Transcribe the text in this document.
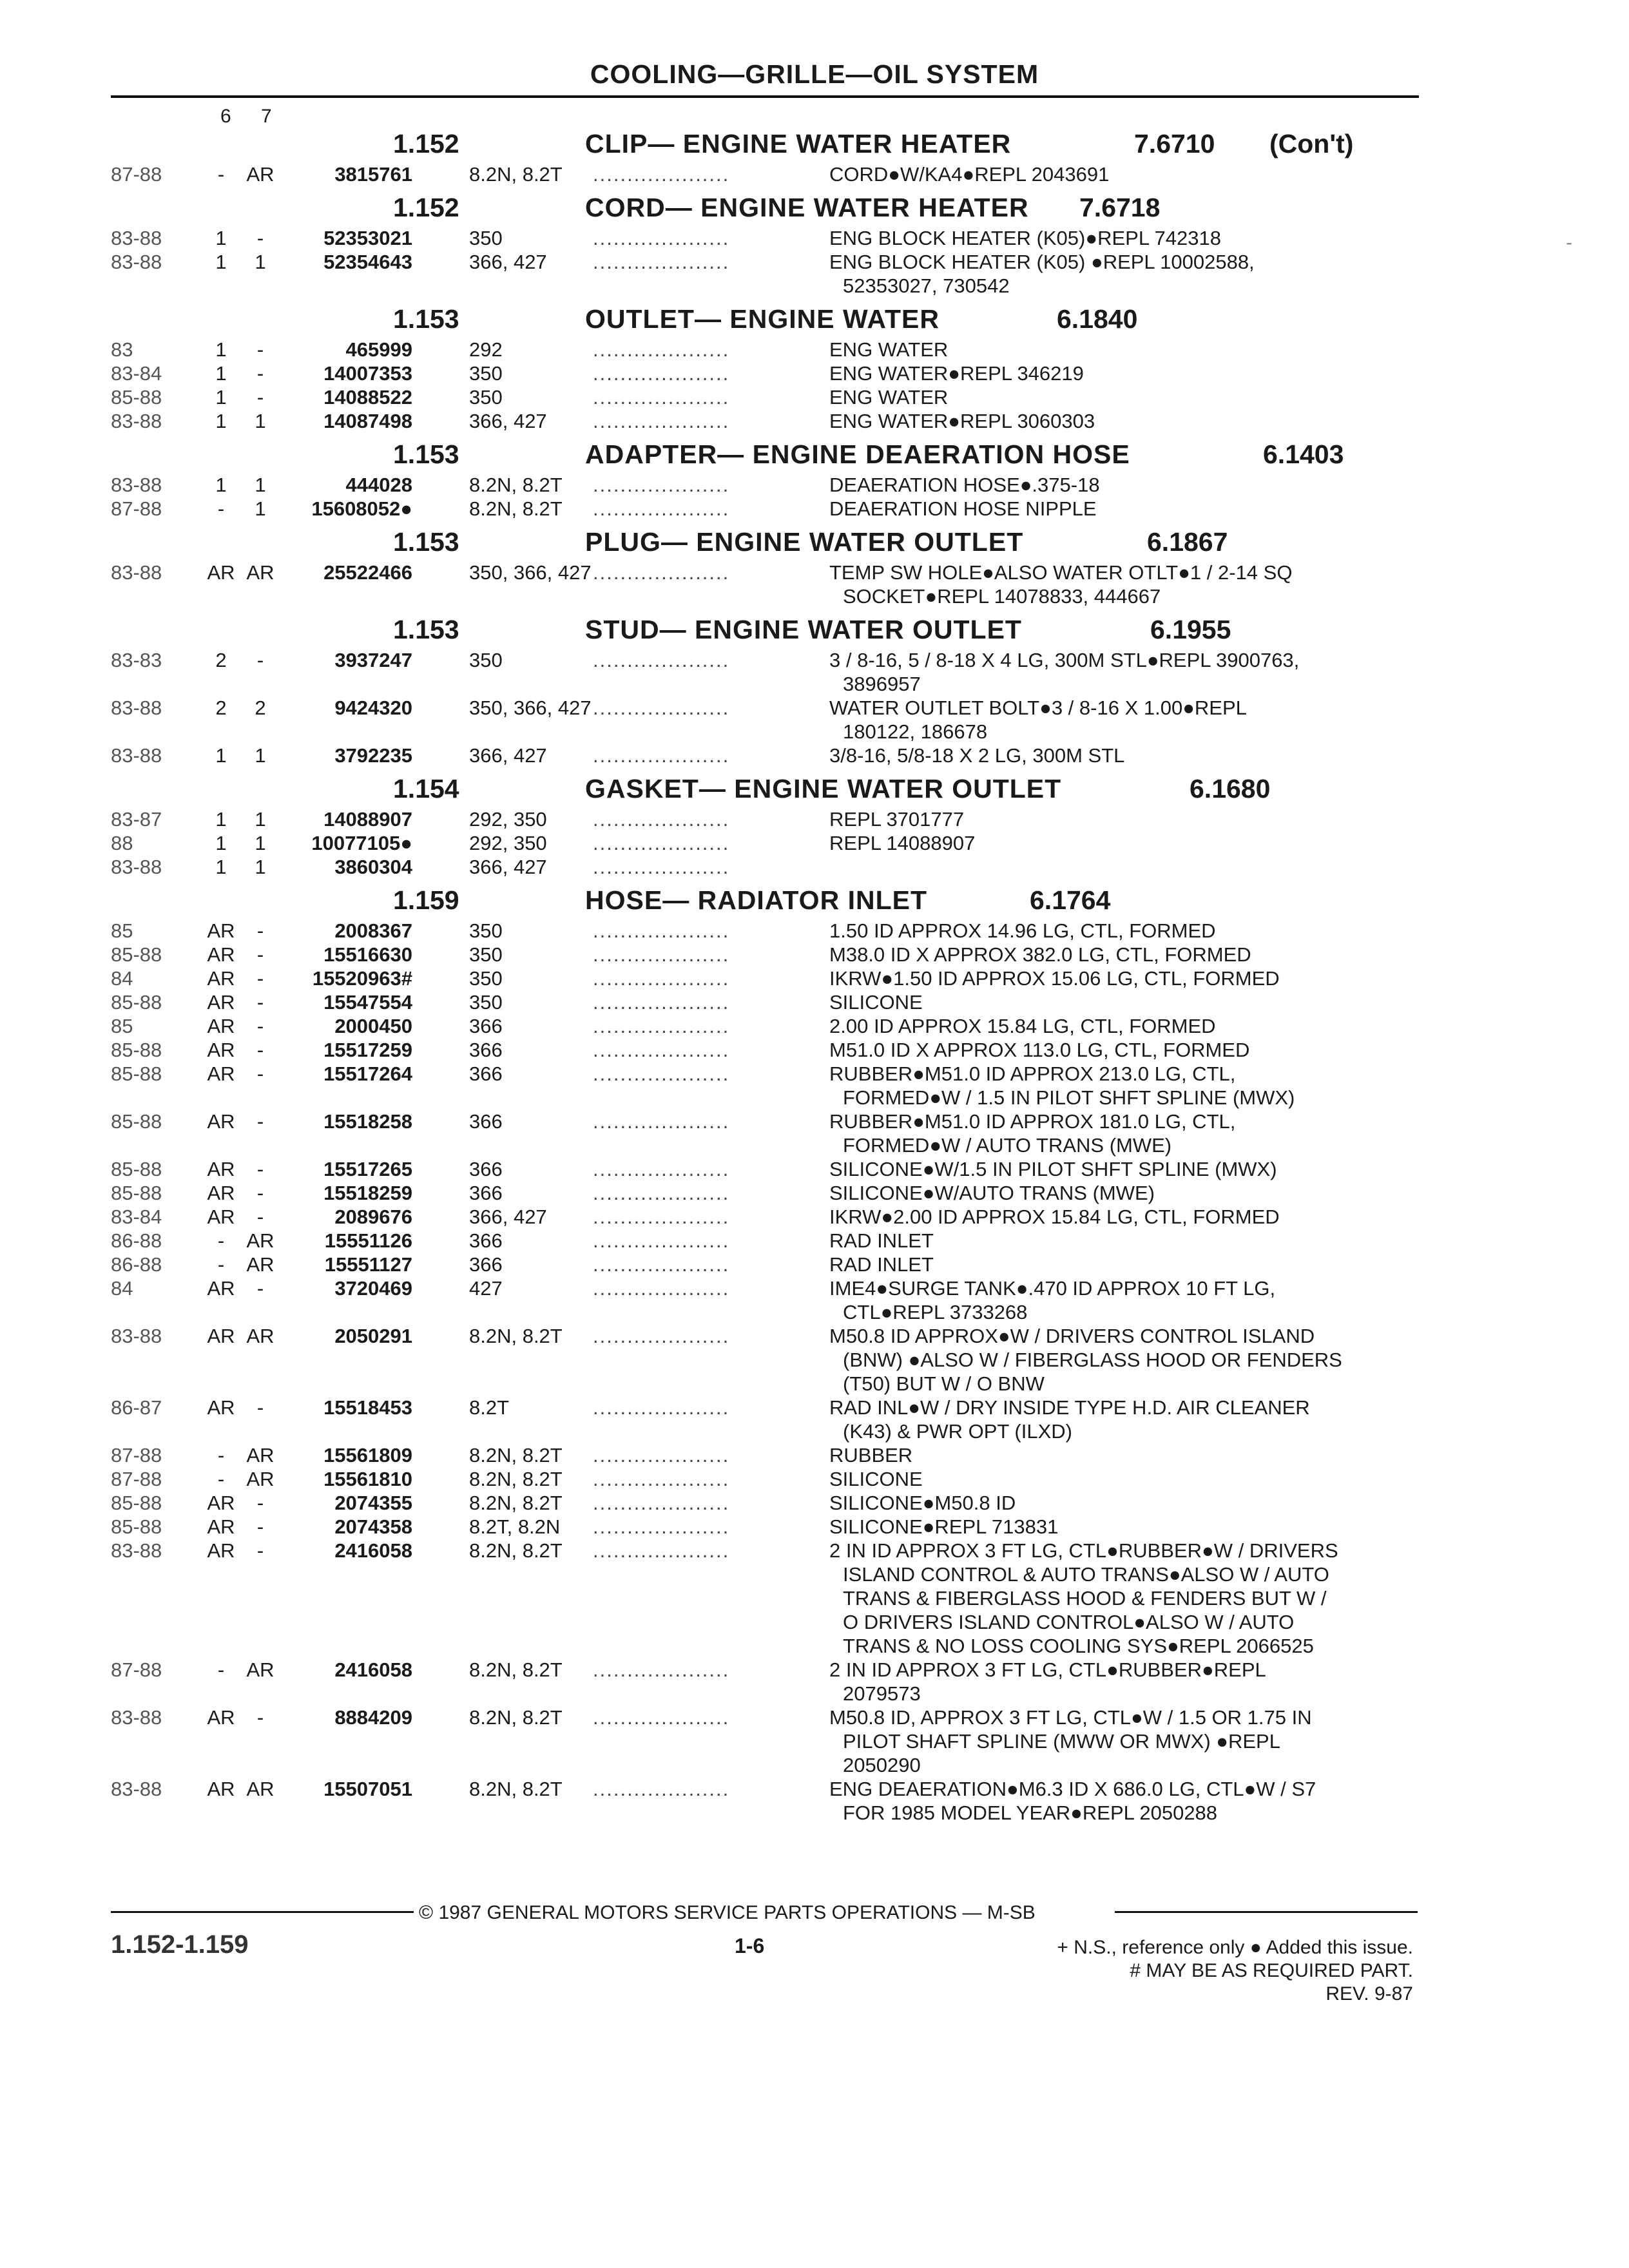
COOLING—GRILLE—OIL SYSTEM
6 7
-
1.152	CLIP— ENGINE WATER HEATER	7.6710 (Con't)
87-88	-	AR	3815761	8.2N, 8.2T ....................	CORD●W/KA4●REPL 2043691
1.152	CORD— ENGINE WATER HEATER 7.6718
83-88	1	-	52353021	350	....................	ENG BLOCK HEATER (K05)●REPL 742318
83-88	1	1	52354643	366, 427 ....................	ENG BLOCK HEATER (K05) ●REPL 10002588,
52353027, 730542
1.153	OUTLET— ENGINE WATER	6.1840
83	1	-	465999	292	....................	ENG WATER
83-84	1	-	14007353	350	....................	ENG WATER●REPL 346219
85-88	1	-	14088522	350	....................	ENG WATER
83-88	1	1	14087498	366, 427 ....................	ENG WATER●REPL 3060303
1.153	ADAPTER— ENGINE DEAERATION HOSE	6.1403
83-88	1	1	444028	8.2N, 8.2T ....................	DEAERATION HOSE●.375-18
87-88	-	1	15608052●	8.2N, 8.2T ....................	DEAERATION HOSE NIPPLE
1.153	PLUG— ENGINE WATER OUTLET	6.1867
83-88 AR AR	25522466	350, 366, 427 ....................	TEMP SW HOLE●ALSO WATER OTLT●1 / 2-14 SQ
SOCKET●REPL 14078833, 444667
1.153	STUD— ENGINE WATER OUTLET	6.1955
83-83	2	-	3937247	350	....................	3 / 8-16, 5 / 8-18 X 4 LG, 300M STL●REPL 3900763,
3896957
83-88	2	2	9424320	350, 366, 427 ....................	WATER OUTLET BOLT●3 / 8-16 X 1.00●REPL
180122, 186678
83-88	1	1	3792235	366, 427 ....................	3/8-16, 5/8-18 X 2 LG, 300M STL
1.154	GASKET— ENGINE WATER OUTLET	6.1680
83-87	1	1	14088907	292, 350 ....................	REPL 3701777
88	1	1	10077105●	292, 350 ....................	REPL 14088907
83-88	1	1	3860304	366, 427 ....................
1.159	HOSE— RADIATOR INLET	6.1764
85	AR	-	2008367	350	....................	1.50 ID APPROX 14.96 LG, CTL, FORMED
85-88 AR	-	15516630	350	....................	M38.0 ID X APPROX 382.0 LG, CTL, FORMED
84	AR	-	15520963#	350	....................	IKRW●1.50 ID APPROX 15.06 LG, CTL, FORMED
85-88 AR	-	15547554	350	....................	SILICONE
85	AR	-	2000450	366	....................	2.00 ID APPROX 15.84 LG, CTL, FORMED
85-88 AR	-	15517259	366	....................	M51.0 ID X APPROX 113.0 LG, CTL, FORMED
85-88 AR	-	15517264	366	....................	RUBBER●M51.0 ID APPROX 213.0 LG, CTL,
FORMED●W / 1.5 IN PILOT SHFT SPLINE (MWX)
85-88 AR	-	15518258	366	....................	RUBBER●M51.0 ID APPROX 181.0 LG, CTL,
FORMED●W / AUTO TRANS (MWE)
85-88 AR	-	15517265	366	....................	SILICONE●W/1.5 IN PILOT SHFT SPLINE (MWX)
85-88 AR	-	15518259	366	....................	SILICONE●W/AUTO TRANS (MWE)
83-84 AR	-	2089676	366, 427 ....................	IKRW●2.00 ID APPROX 15.84 LG, CTL, FORMED
86-88	-	AR	15551126	366	....................	RAD INLET
86-88	-	AR	15551127	366	....................	RAD INLET
84	AR	-	3720469	427	....................	IME4●SURGE TANK●.470 ID APPROX 10 FT LG,
CTL●REPL 3733268
83-88 AR AR	2050291	8.2N, 8.2T ....................	M50.8 ID APPROX●W / DRIVERS CONTROL ISLAND
(BNW) ●ALSO W / FIBERGLASS HOOD OR FENDERS
(T50) BUT W / O BNW
86-87 AR	-	15518453	8.2T	....................	RAD INL●W / DRY INSIDE TYPE H.D. AIR CLEANER
(K43) & PWR OPT (ILXD)
87-88	-	AR	15561809	8.2N, 8.2T ....................	RUBBER
87-88	-	AR	15561810	8.2N, 8.2T ....................	SILICONE
85-88 AR	-	2074355	8.2N, 8.2T ....................	SILICONE●M50.8 ID
85-88 AR	-	2074358	8.2T, 8.2N ....................	SILICONE●REPL 713831
83-88 AR	-	2416058	8.2N, 8.2T ....................	2 IN ID APPROX 3 FT LG, CTL●RUBBER●W / DRIVERS
ISLAND CONTROL & AUTO TRANS●ALSO W / AUTO
TRANS & FIBERGLASS HOOD & FENDERS BUT W /
O DRIVERS ISLAND CONTROL●ALSO W / AUTO
TRANS & NO LOSS COOLING SYS●REPL 2066525
87-88	-	AR	2416058	8.2N, 8.2T ....................	2 IN ID APPROX 3 FT LG, CTL●RUBBER●REPL
2079573
83-88 AR	-	8884209	8.2N, 8.2T ....................	M50.8 ID, APPROX 3 FT LG, CTL●W / 1.5 OR 1.75 IN
PILOT SHAFT SPLINE (MWW OR MWX) ●REPL
2050290
83-88 AR AR	15507051	8.2N, 8.2T ....................	ENG DEAERATION●M6.3 ID X 686.0 LG, CTL●W / S7
FOR 1985 MODEL YEAR●REPL 2050288
© 1987 GENERAL MOTORS SERVICE PARTS OPERATIONS — M-SB
1.152-1.159	1-6	+ N.S., reference only ● Added this issue.
# MAY BE AS REQUIRED PART.
REV. 9-87
